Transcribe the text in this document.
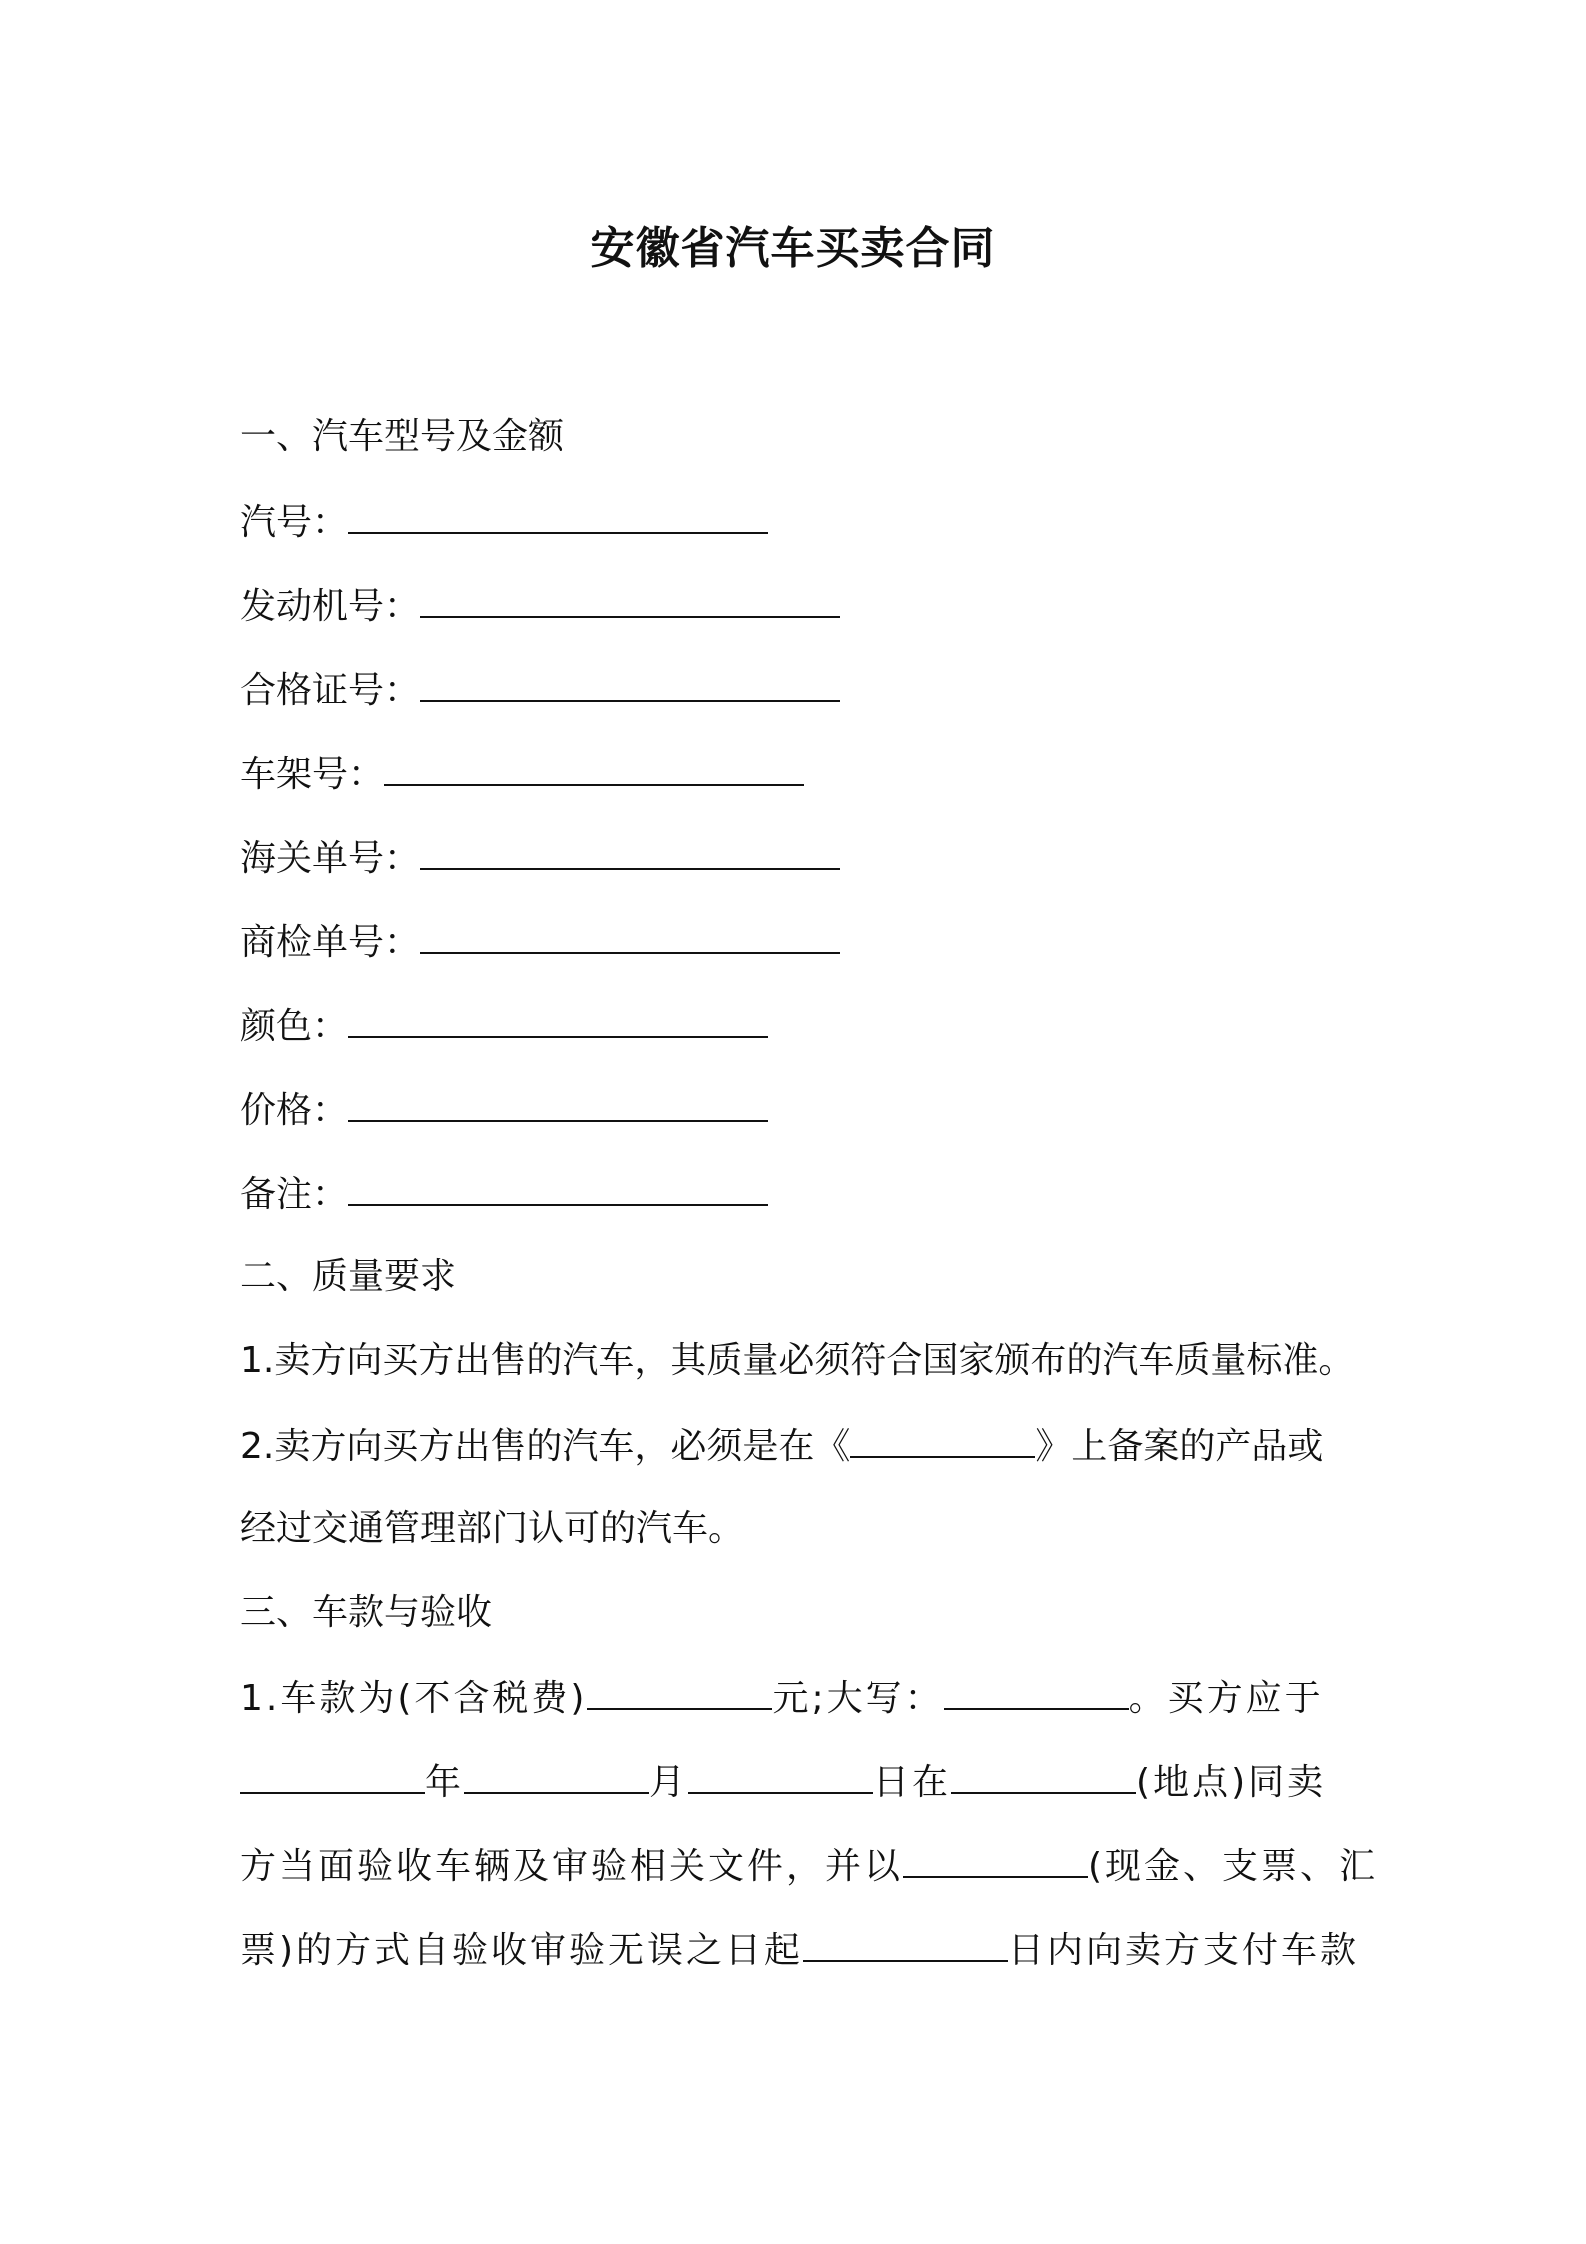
安徽省汽车买卖合同
一、汽车型号及金额
汽号：
发动机号：
合格证号：
车架号：
海关单号：
商检单号：
颜色：
价格：
备注：
二、质量要求
1.卖方向买方出售的汽车，其质量必须符合国家颁布的汽车质量标准。
2.卖方向买方出售的汽车，必须是在《	》上备案的产品或
经过交通管理部门认可的汽车。
三、车款与验收
1.车款为(不含税费)	元;大写：	。买方应于
年	月	日在	(地点)同卖
方当面验收车辆及审验相关文件，并以	(现金、支票、汇
票)的方式自验收审验无误之日起	日内向卖方支付车款
